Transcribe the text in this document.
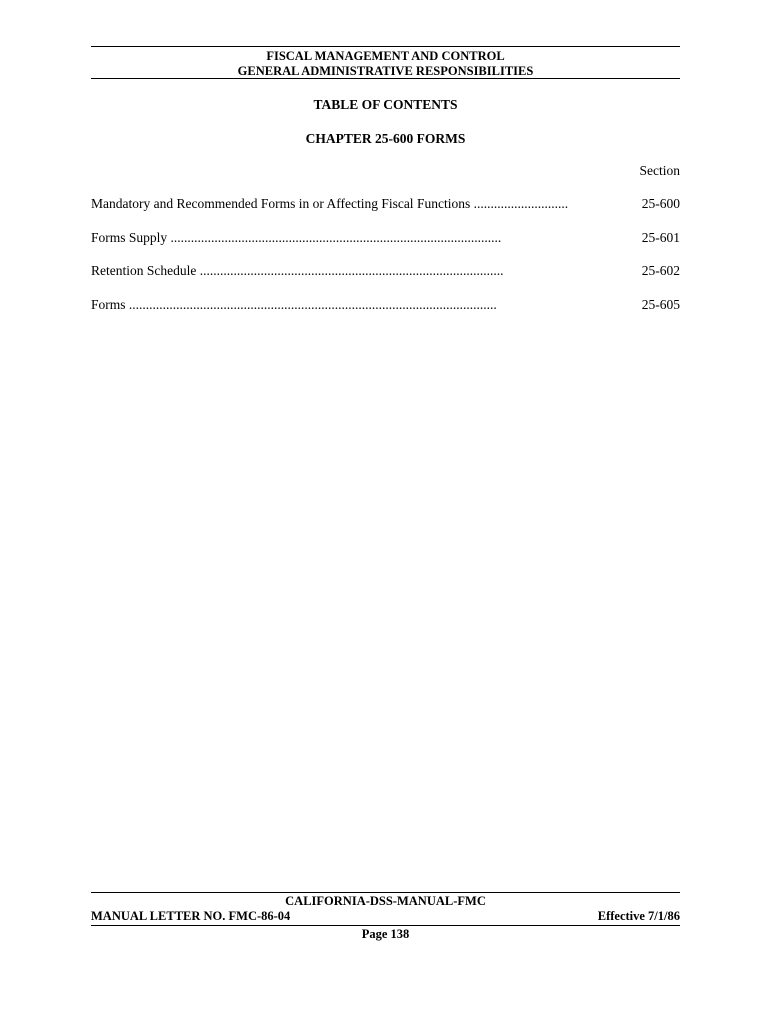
FISCAL MANAGEMENT AND CONTROL
GENERAL ADMINISTRATIVE RESPONSIBILITIES
TABLE OF CONTENTS
CHAPTER 25-600 FORMS
Section
Mandatory and Recommended Forms in or Affecting Fiscal Functions ............................	25-600
Forms Supply ..................................................................................................	25-601
Retention Schedule ..........................................................................................	25-602
Forms .............................................................................................................	25-605
CALIFORNIA-DSS-MANUAL-FMC
MANUAL LETTER NO. FMC-86-04	Effective 7/1/86
Page 138
